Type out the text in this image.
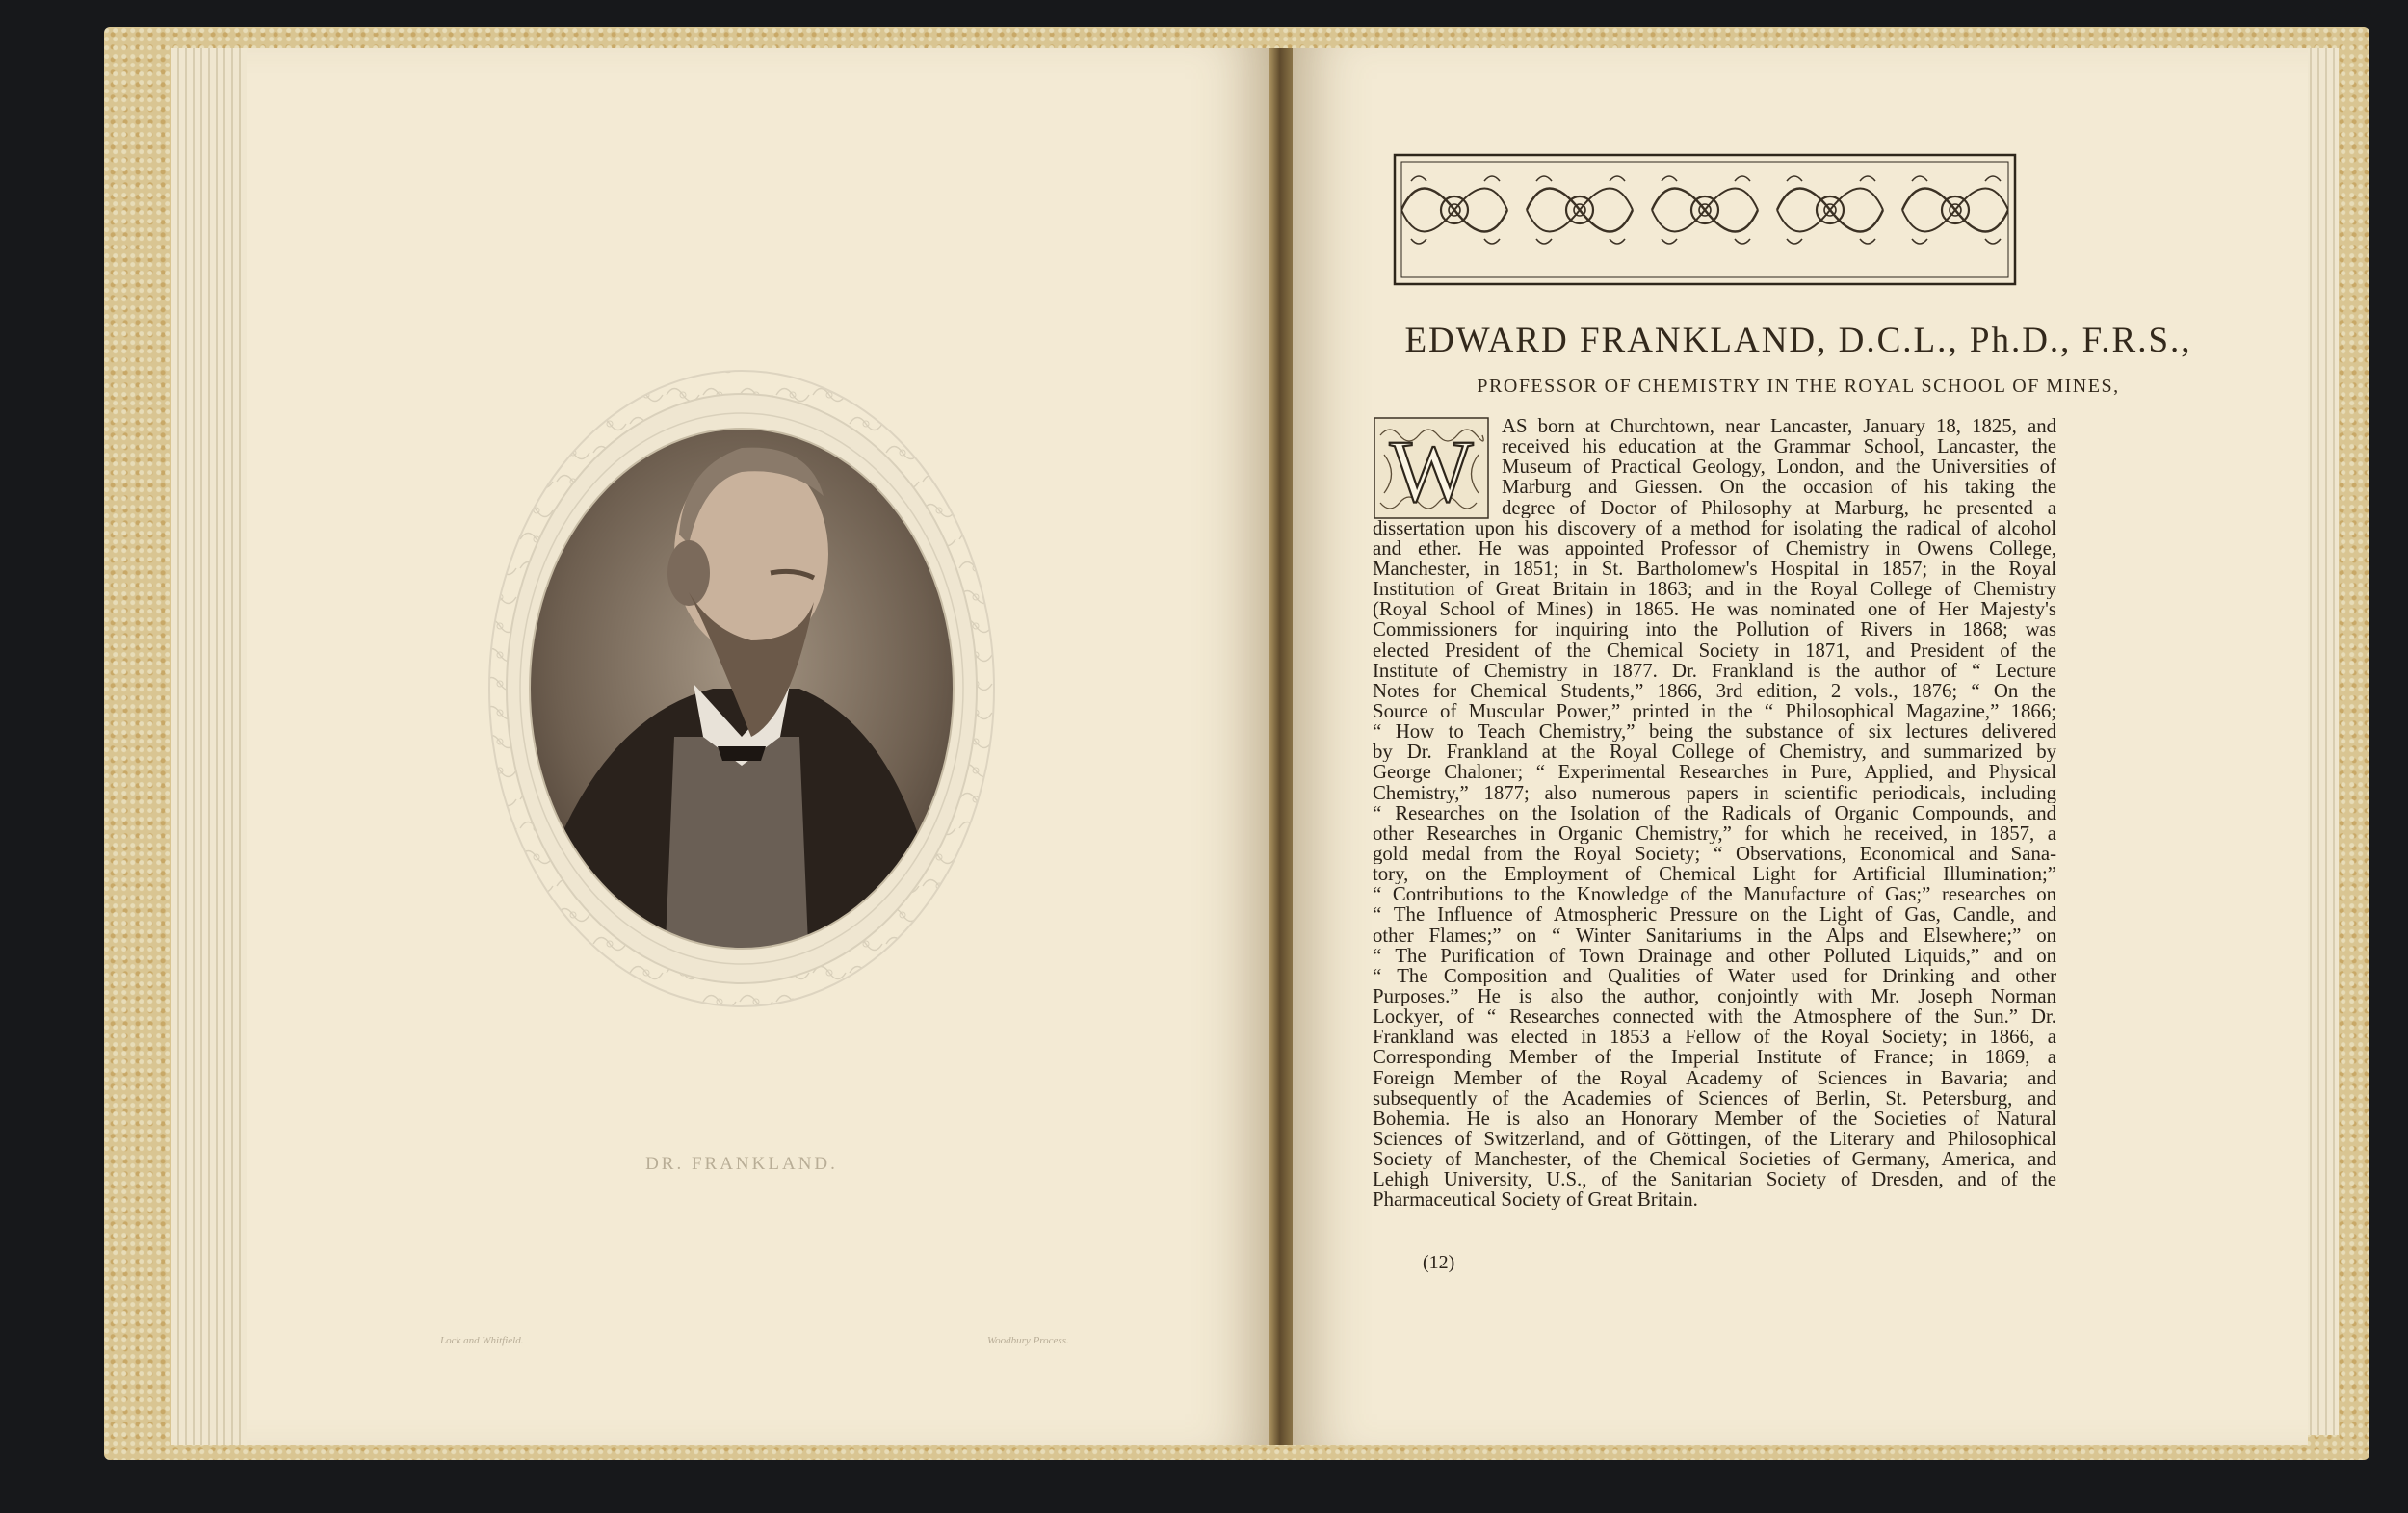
DR. FRANKLAND.
Lock and Whitfield.	Woodbury Process.
EDWARD FRANKLAND, D.C.L., Ph.D., F.R.S.,
PROFESSOR OF CHEMISTRY IN THE ROYAL SCHOOL OF MINES,
W AS born at Churchtown, near Lancaster, January 18, 1825, and
received his education at the Grammar School, Lancaster, the
Museum of Practical Geology, London, and the Universities of
Marburg and Giessen. On the occasion of his taking the
degree of Doctor of Philosophy at Marburg, he presented a
dissertation upon his discovery of a method for isolating the radical of alcohol
and ether. He was appointed Professor of Chemistry in Owens College,
Manchester, in 1851; in St. Bartholomew's Hospital in 1857; in the Royal
Institution of Great Britain in 1863; and in the Royal College of Chemistry
(Royal School of Mines) in 1865. He was nominated one of Her Majesty's
Commissioners for inquiring into the Pollution of Rivers in 1868; was
elected President of the Chemical Society in 1871, and President of the
Institute of Chemistry in 1877. Dr. Frankland is the author of “ Lecture
Notes for Chemical Students,” 1866, 3rd edition, 2 vols., 1876; “ On the
Source of Muscular Power,” printed in the “ Philosophical Magazine,” 1866;
“ How to Teach Chemistry,” being the substance of six lectures delivered
by Dr. Frankland at the Royal College of Chemistry, and summarized by
George Chaloner; “ Experimental Researches in Pure, Applied, and Physical
Chemistry,” 1877; also numerous papers in scientific periodicals, including
“ Researches on the Isolation of the Radicals of Organic Compounds, and
other Researches in Organic Chemistry,” for which he received, in 1857, a
gold medal from the Royal Society; “ Observations, Economical and Sana-
tory, on the Employment of Chemical Light for Artificial Illumination;”
“ Contributions to the Knowledge of the Manufacture of Gas;” researches on
“ The Influence of Atmospheric Pressure on the Light of Gas, Candle, and
other Flames;” on “ Winter Sanitariums in the Alps and Elsewhere;” on
“ The Purification of Town Drainage and other Polluted Liquids,” and on
“ The Composition and Qualities of Water used for Drinking and other
Purposes.” He is also the author, conjointly with Mr. Joseph Norman
Lockyer, of “ Researches connected with the Atmosphere of the Sun.” Dr.
Frankland was elected in 1853 a Fellow of the Royal Society; in 1866, a
Corresponding Member of the Imperial Institute of France; in 1869, a
Foreign Member of the Royal Academy of Sciences in Bavaria; and
subsequently of the Academies of Sciences of Berlin, St. Petersburg, and
Bohemia. He is also an Honorary Member of the Societies of Natural
Sciences of Switzerland, and of Göttingen, of the Literary and Philosophical
Society of Manchester, of the Chemical Societies of Germany, America, and
Lehigh University, U.S., of the Sanitarian Society of Dresden, and of the
Pharmaceutical Society of Great Britain.
(12)
